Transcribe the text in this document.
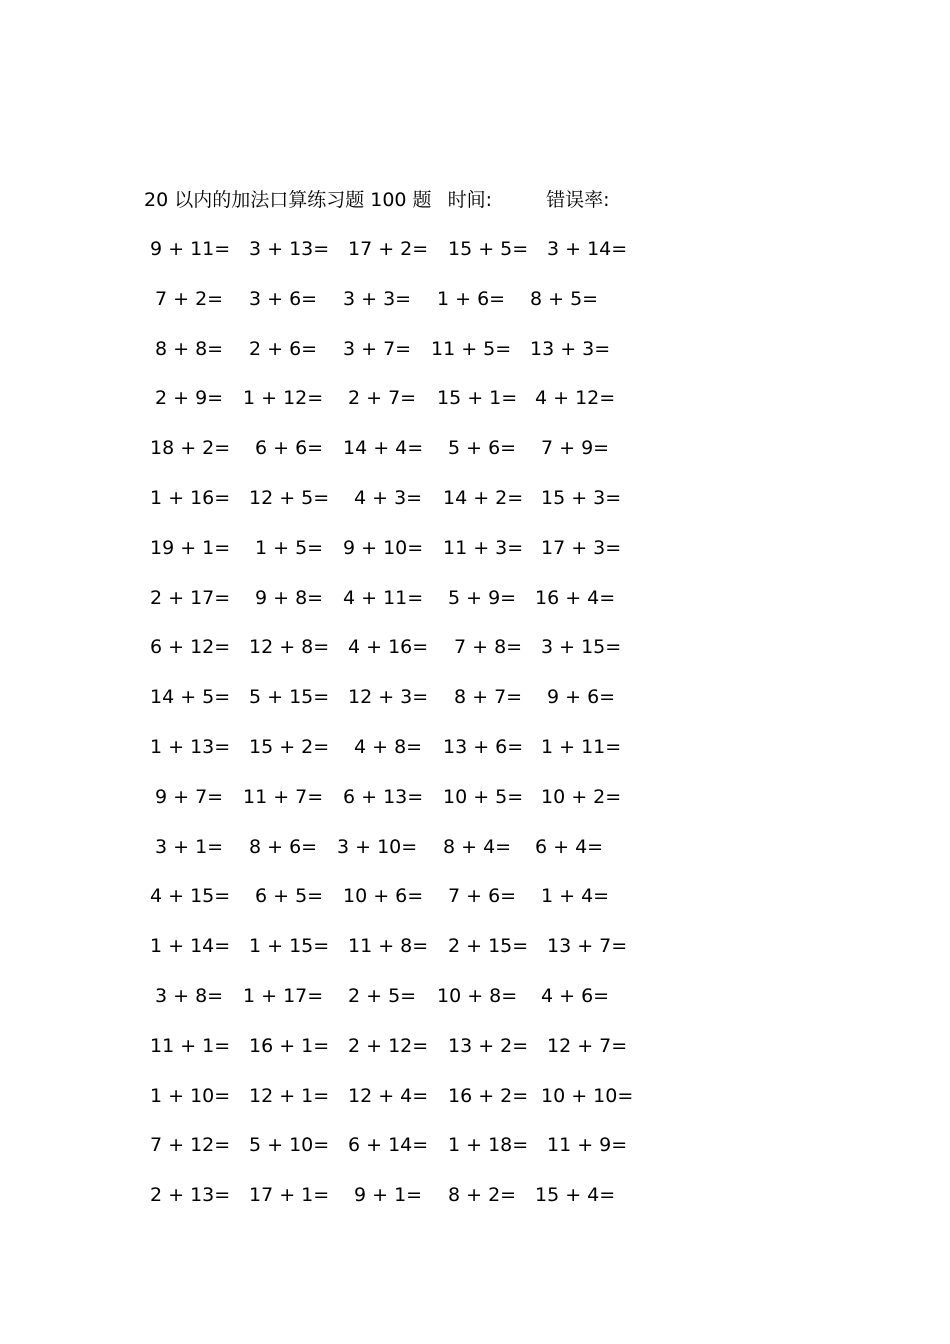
20 以内的加法口算练习题 100 题 时间:	错误率:
9 + 11= 3 + 13= 17 + 2= 15 + 5= 3 + 14=
7 + 2= 3 + 6= 3 + 3= 1 + 6= 8 + 5=
8 + 8= 2 + 6= 3 + 7= 11 + 5= 13 + 3=
2 + 9= 1 + 12= 2 + 7= 15 + 1= 4 + 12=
18 + 2= 6 + 6= 14 + 4= 5 + 6= 7 + 9=
1 + 16= 12 + 5= 4 + 3= 14 + 2= 15 + 3=
19 + 1= 1 + 5= 9 + 10= 11 + 3= 17 + 3=
2 + 17= 9 + 8= 4 + 11= 5 + 9= 16 + 4=
6 + 12= 12 + 8= 4 + 16= 7 + 8= 3 + 15=
14 + 5= 5 + 15= 12 + 3= 8 + 7= 9 + 6=
1 + 13= 15 + 2= 4 + 8= 13 + 6= 1 + 11=
9 + 7= 11 + 7= 6 + 13= 10 + 5= 10 + 2=
3 + 1= 8 + 6= 3 + 10= 8 + 4= 6 + 4=
4 + 15= 6 + 5= 10 + 6= 7 + 6= 1 + 4=
1 + 14= 1 + 15= 11 + 8= 2 + 15= 13 + 7=
3 + 8= 1 + 17= 2 + 5= 10 + 8= 4 + 6=
11 + 1= 16 + 1= 2 + 12= 13 + 2= 12 + 7=
1 + 10= 12 + 1= 12 + 4= 16 + 2= 10 + 10=
7 + 12= 5 + 10= 6 + 14= 1 + 18= 11 + 9=
2 + 13= 17 + 1= 9 + 1= 8 + 2= 15 + 4=
